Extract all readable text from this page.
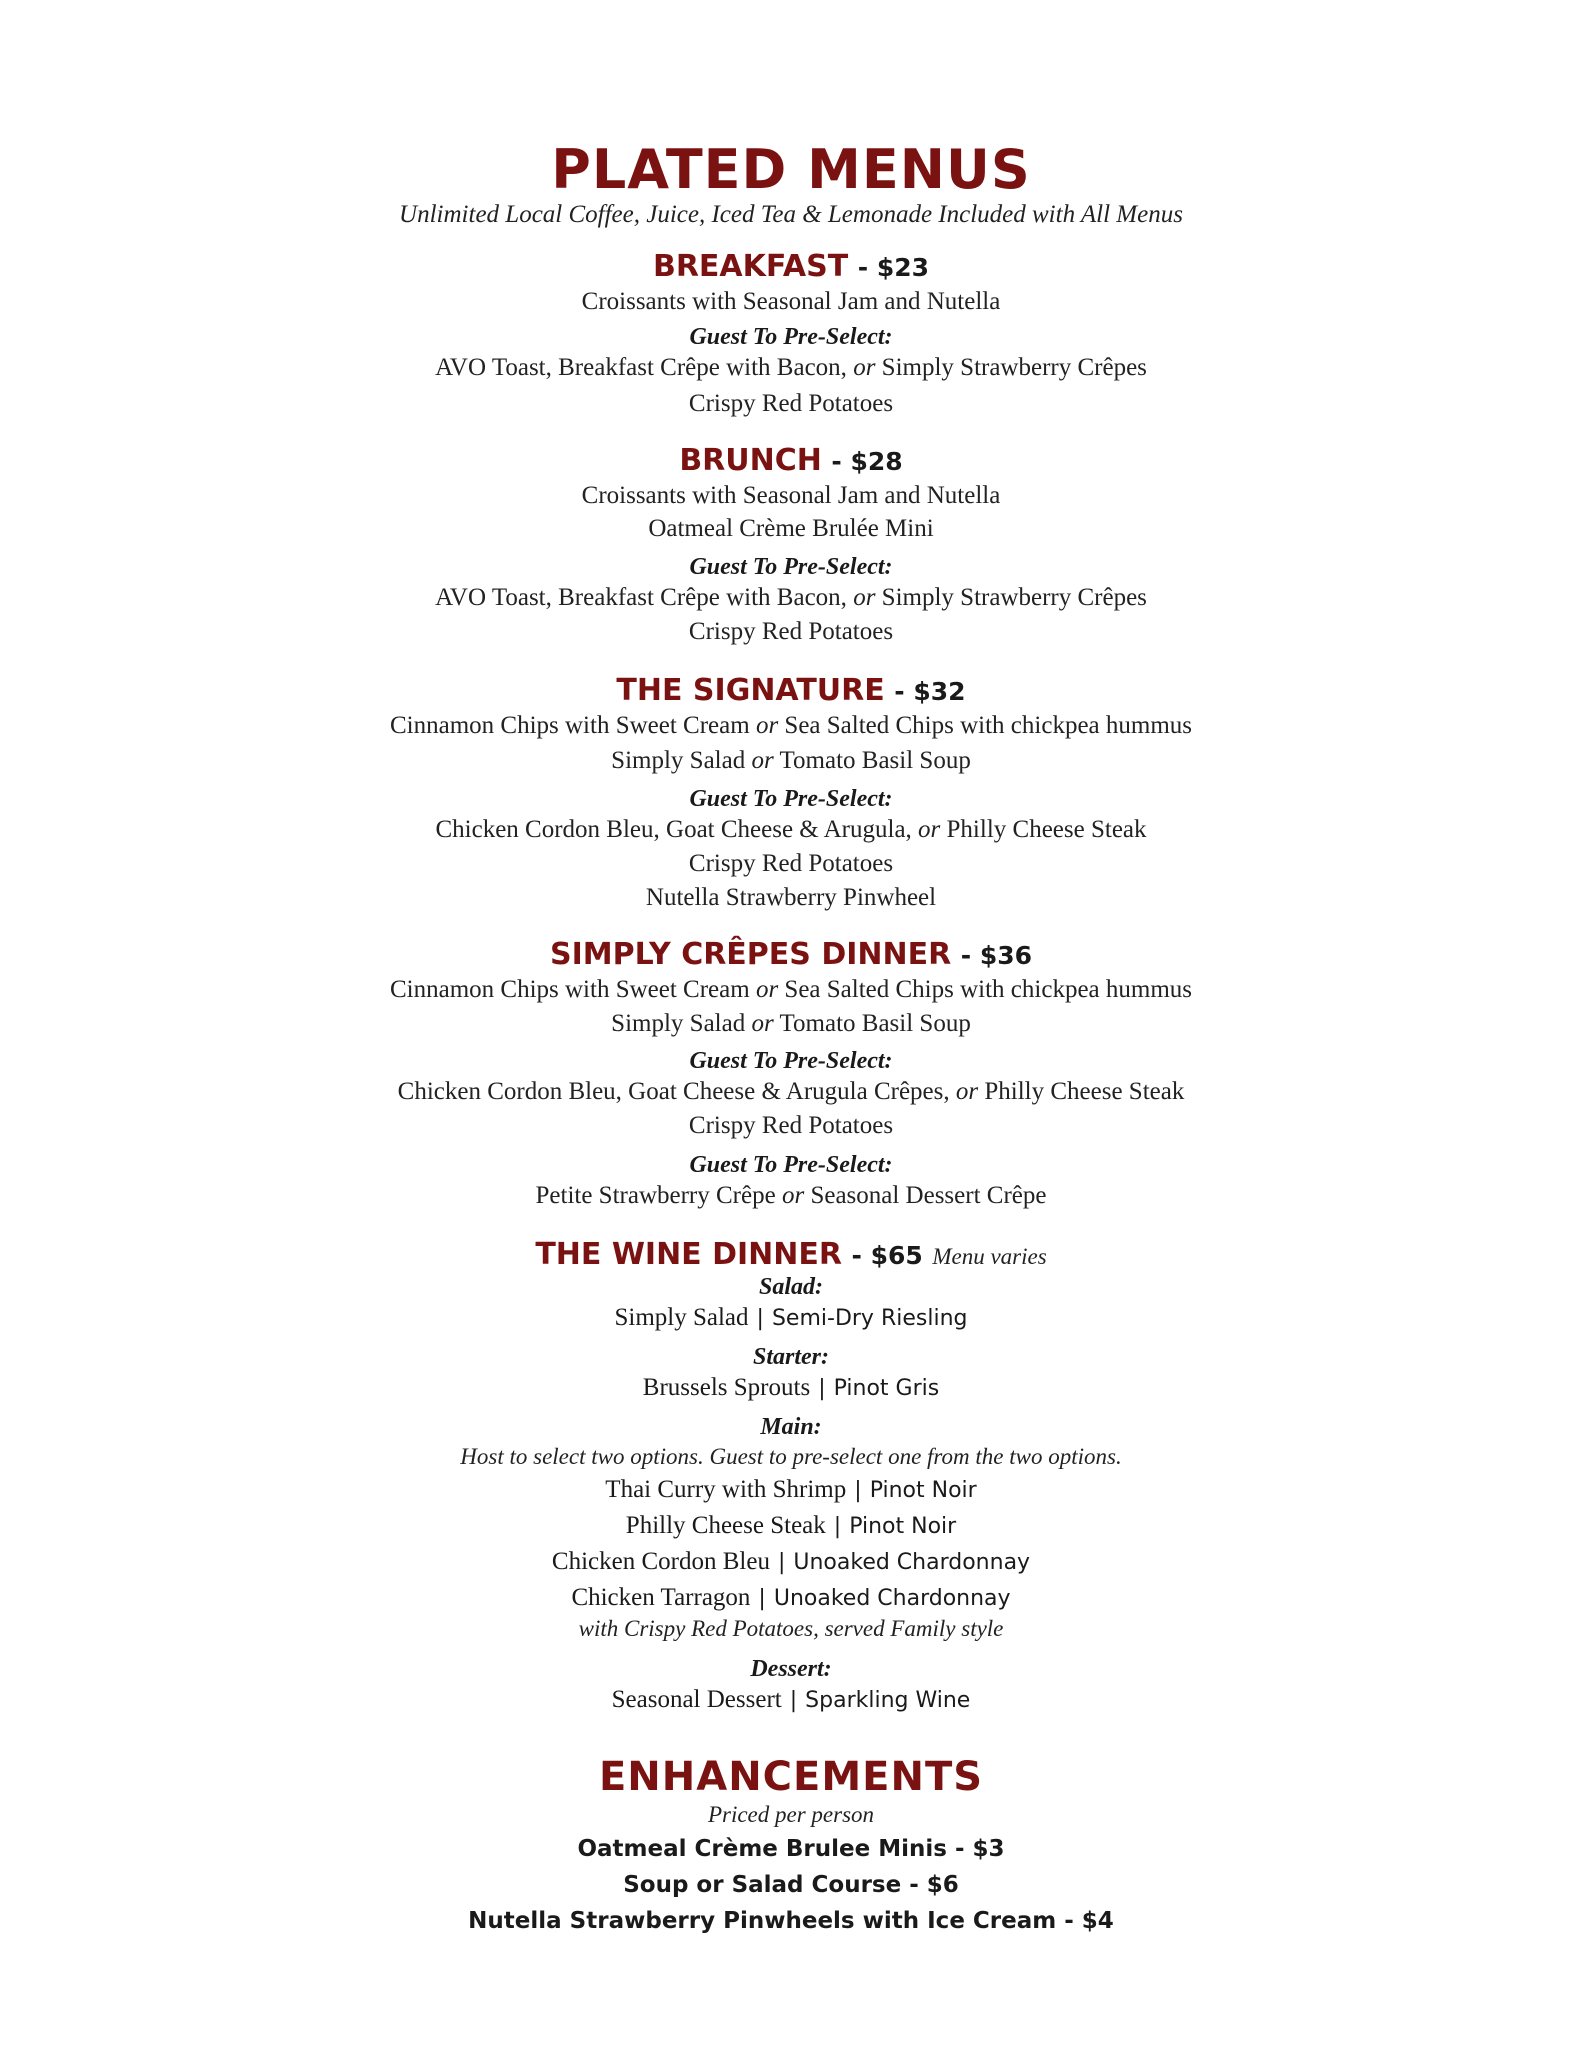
PLATED MENUS
Unlimited Local Coffee, Juice, Iced Tea & Lemonade Included with All Menus
BREAKFAST - $23
Croissants with Seasonal Jam and Nutella
Guest To Pre-Select:
AVO Toast, Breakfast Crêpe with Bacon, or Simply Strawberry Crêpes
Crispy Red Potatoes
BRUNCH - $28
Croissants with Seasonal Jam and Nutella
Oatmeal Crème Brulée Mini
Guest To Pre-Select:
AVO Toast, Breakfast Crêpe with Bacon, or Simply Strawberry Crêpes
Crispy Red Potatoes
THE SIGNATURE - $32
Cinnamon Chips with Sweet Cream or Sea Salted Chips with chickpea hummus
Simply Salad or Tomato Basil Soup
Guest To Pre-Select:
Chicken Cordon Bleu, Goat Cheese & Arugula, or Philly Cheese Steak
Crispy Red Potatoes
Nutella Strawberry Pinwheel
SIMPLY CRÊPES DINNER - $36
Cinnamon Chips with Sweet Cream or Sea Salted Chips with chickpea hummus
Simply Salad or Tomato Basil Soup
Guest To Pre-Select:
Chicken Cordon Bleu, Goat Cheese & Arugula Crêpes, or Philly Cheese Steak
Crispy Red Potatoes
Guest To Pre-Select:
Petite Strawberry Crêpe or Seasonal Dessert Crêpe
THE WINE DINNER - $65 Menu varies
Salad:
Simply Salad | Semi-Dry Riesling
Starter:
Brussels Sprouts | Pinot Gris
Main:
Host to select two options. Guest to pre-select one from the two options.
Thai Curry with Shrimp | Pinot Noir
Philly Cheese Steak | Pinot Noir
Chicken Cordon Bleu | Unoaked Chardonnay
Chicken Tarragon | Unoaked Chardonnay
with Crispy Red Potatoes, served Family style
Dessert:
Seasonal Dessert | Sparkling Wine
ENHANCEMENTS
Priced per person
Oatmeal Crème Brulee Minis - $3
Soup or Salad Course - $6
Nutella Strawberry Pinwheels with Ice Cream - $4
